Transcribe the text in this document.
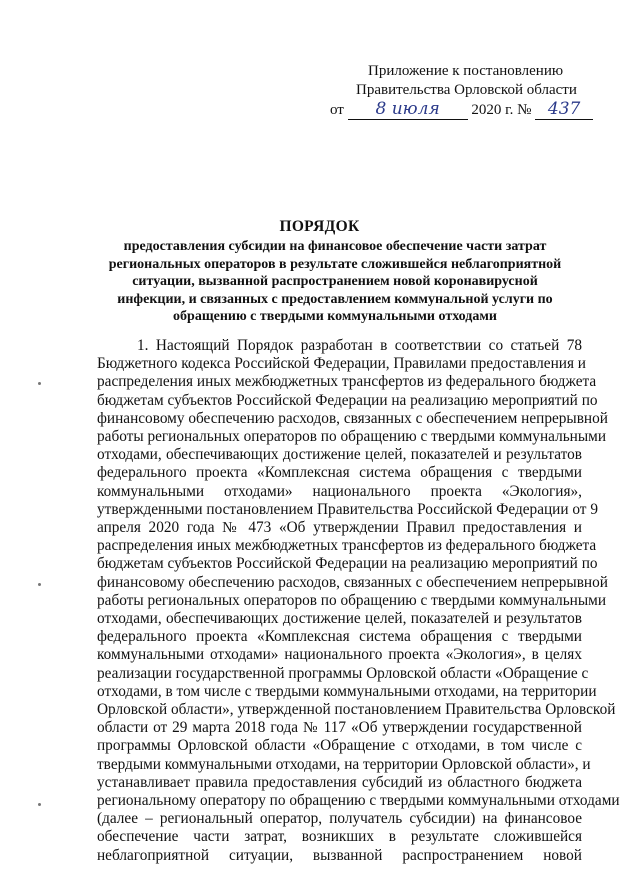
Приложение к постановлению
Правительства Орловской области
от 8 июля 2020 г. № 437
ПОРЯДОК
предоставления субсидии на финансовое обеспечение части затрат региональных операторов в результате сложившейся неблагоприятной ситуации, вызванной распространением новой коронавирусной инфекции, и связанных с предоставлением коммунальной услуги по обращению с твердыми коммунальными отходами
1. Настоящий Порядок разработан в соответствии со статьей 78
Бюджетного кодекса Российской Федерации, Правилами предоставления и
распределения иных межбюджетных трансфертов из федерального бюджета
бюджетам субъектов Российской Федерации на реализацию мероприятий по
финансовому обеспечению расходов, связанных с обеспечением непрерывной
работы региональных операторов по обращению с твердыми коммунальными
отходами, обеспечивающих достижение целей, показателей и результатов
федерального проекта «Комплексная система обращения с твердыми
коммунальными отходами» национального проекта «Экология»,
утвержденными постановлением Правительства Российской Федерации от 9
апреля 2020 года № 473 «Об утверждении Правил предоставления и
распределения иных межбюджетных трансфертов из федерального бюджета
бюджетам субъектов Российской Федерации на реализацию мероприятий по
финансовому обеспечению расходов, связанных с обеспечением непрерывной
работы региональных операторов по обращению с твердыми коммунальными
отходами, обеспечивающих достижение целей, показателей и результатов
федерального проекта «Комплексная система обращения с твердыми
коммунальными отходами» национального проекта «Экология», в целях
реализации государственной программы Орловской области «Обращение с
отходами, в том числе с твердыми коммунальными отходами, на территории
Орловской области», утвержденной постановлением Правительства Орловской
области от 29 марта 2018 года № 117 «Об утверждении государственной
программы Орловской области «Обращение с отходами, в том числе с
твердыми коммунальными отходами, на территории Орловской области», и
устанавливает правила предоставления субсидий из областного бюджета
региональному оператору по обращению с твердыми коммунальными отходами
(далее – региональный оператор, получатель субсидии) на финансовое
обеспечение части затрат, возникших в результате сложившейся
неблагоприятной ситуации, вызванной распространением новой
